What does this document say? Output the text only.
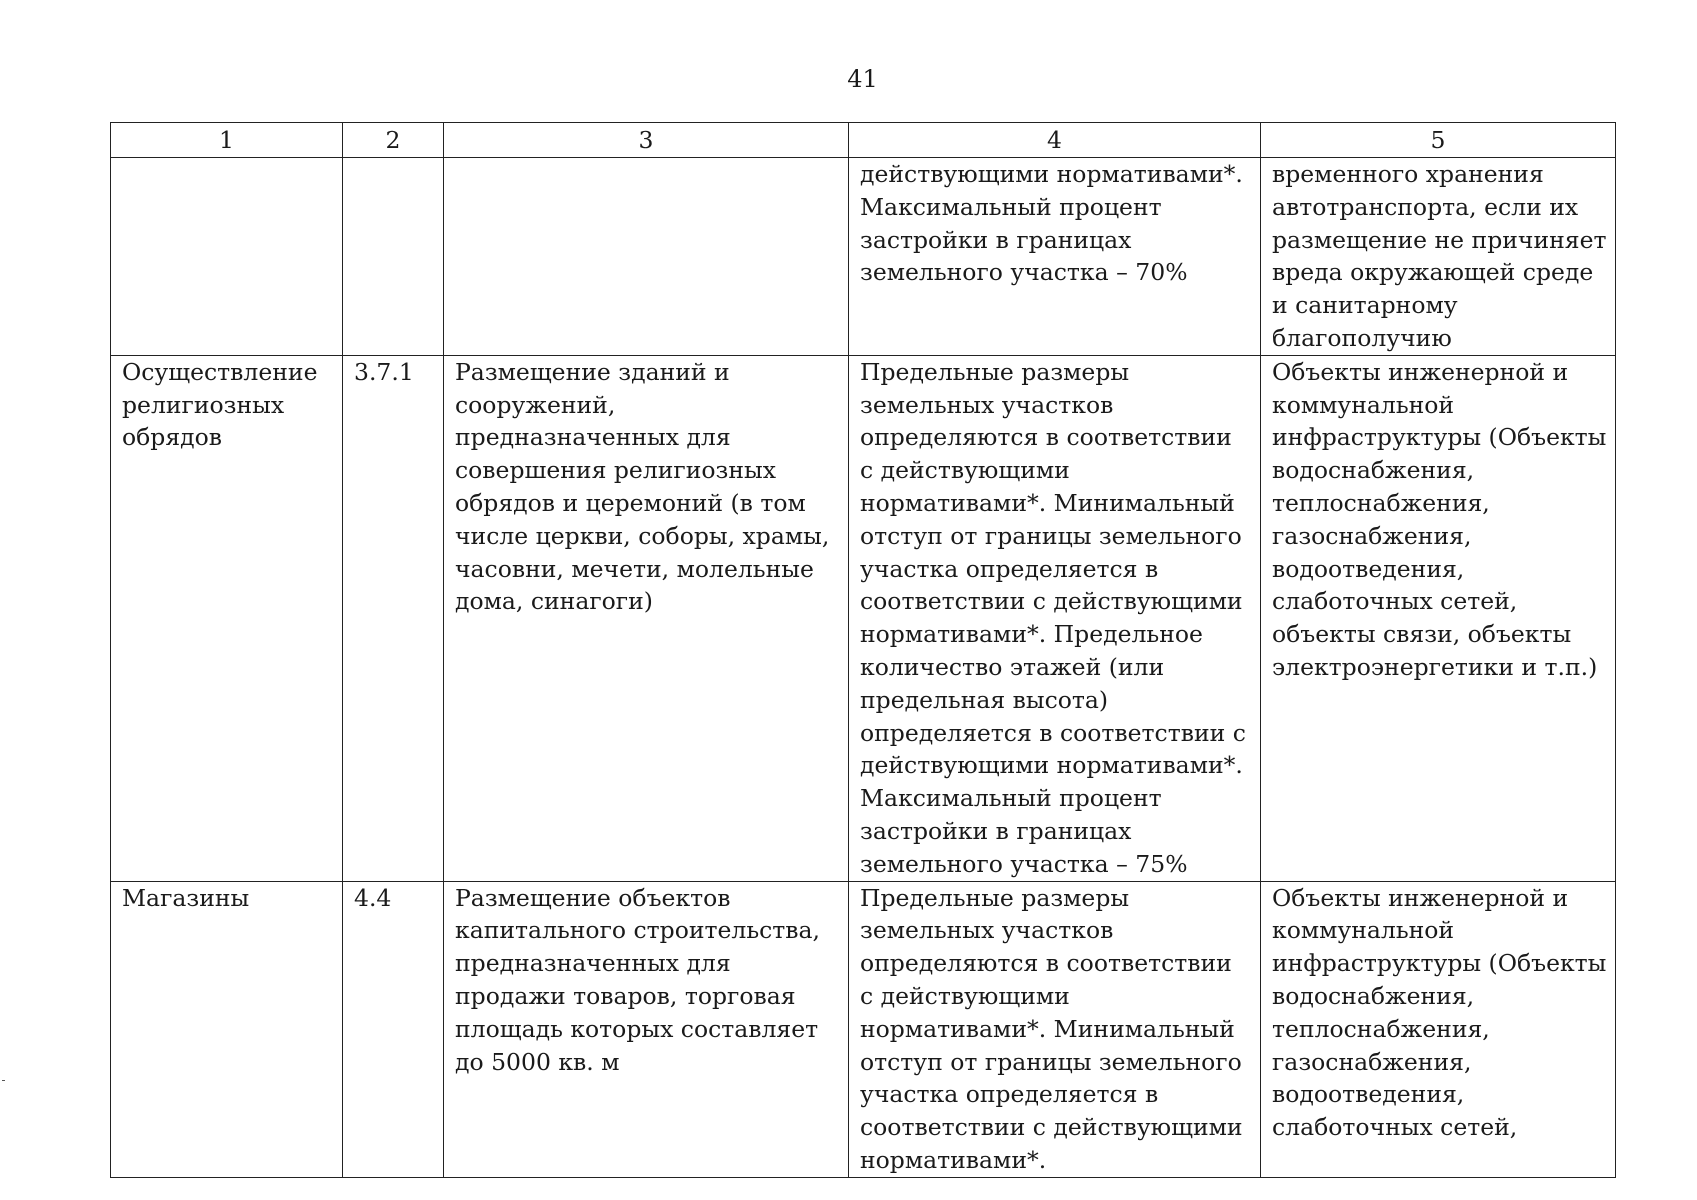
41
1	2	3	4	5
			действующими нормативами*. Максимальный процент застройки в границах земельного участка – 70%	временного хранения автотранспорта, если их размещение не причиняет вреда окружающей среде и санитарному благополучию
Осуществление религиозных обрядов	3.7.1	Размещение зданий и сооружений, предназначенных для совершения религиозных обрядов и церемоний (в том числе церкви, соборы, храмы, часовни, мечети, молельные дома, синагоги)	Предельные размеры земельных участков определяются в соответствии с действующими нормативами*. Минимальный отступ от границы земельного участка определяется в соответствии с действующими нормативами*. Предельное количество этажей (или предельная высота) определяется в соответствии с действующими нормативами*. Максимальный процент застройки в границах земельного участка – 75%	Объекты инженерной и коммунальной инфраструктуры (Объекты водоснабжения, теплоснабжения, газоснабжения, водоотведения, слаботочных сетей, объекты связи, объекты электроэнергетики и т.п.)
Магазины	4.4	Размещение объектов капитального строительства, предназначенных для продажи товаров, торговая площадь которых составляет до 5000 кв. м	Предельные размеры земельных участков определяются в соответствии с действующими нормативами*. Минимальный отступ от границы земельного участка определяется в соответствии с действующими нормативами*.	Объекты инженерной и коммунальной инфраструктуры (Объекты водоснабжения, теплоснабжения, газоснабжения, водоотведения, слаботочных сетей,
